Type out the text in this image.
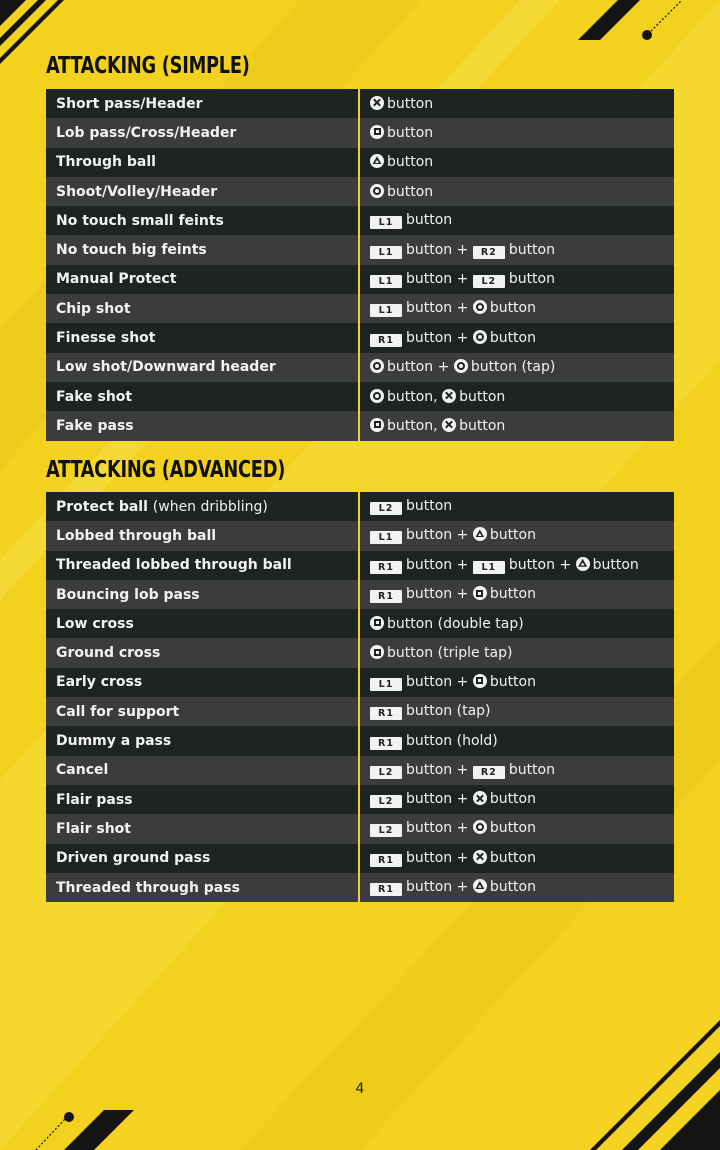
ATTACKING (SIMPLE)
Short pass/Header	button
Lob pass/Cross/Header	button
Through ball	button
Shoot/Volley/Header	button
No touch small feints	L1 button
No touch big feints	L1 button + R2 button
Manual Protect	L1 button + L2 button
Chip shot	L1 button + button
Finesse shot	R1 button + button
Low shot/Downward header	button + button (tap)
Fake shot	button, button
Fake pass	button, button
ATTACKING (ADVANCED)
Protect ball (when dribbling)	L2 button
Lobbed through ball	L1 button + button
Threaded lobbed through ball	R1 button + L1 button + button
Bouncing lob pass	R1 button + button
Low cross	button (double tap)
Ground cross	button (triple tap)
Early cross	L1 button + button
Call for support	R1 button (tap)
Dummy a pass	R1 button (hold)
Cancel	L2 button + R2 button
Flair pass	L2 button + button
Flair shot	L2 button + button
Driven ground pass	R1 button + button
Threaded through pass	R1 button + button
4
